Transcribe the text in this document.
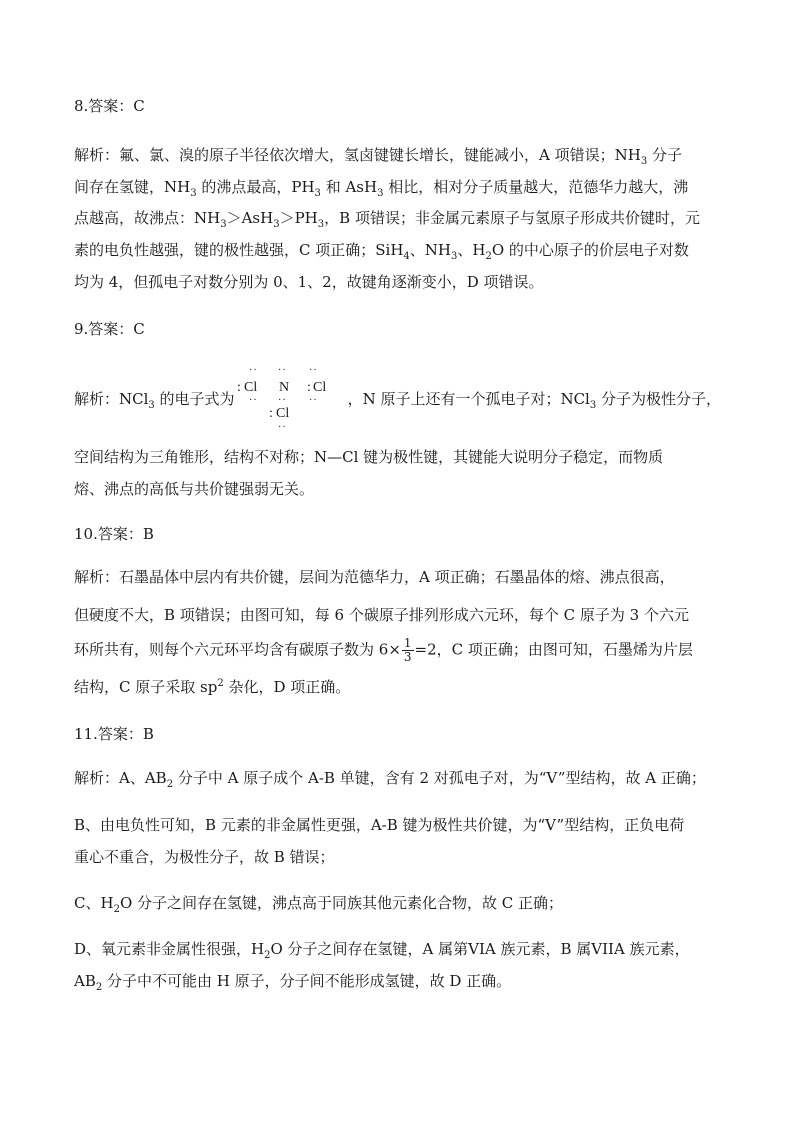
8.答案：C
解析：氟、氯、溴的原子半径依次增大，氢卤键键长增长，键能减小，A 项错误；$NH_3$ 分子
间存在氢键，$NH_3$ 的沸点最高，$PH_3$ 和 AsH$_3$ 相比，相对分子质量越大，范德华力越大，沸
点越高，故沸点：$NH_3>AsH_3>PH_3$，B 项错误；非金属元素原子与氢原子形成共价键时，元
素的电负性越强，键的极性越强，C 项正确；SiH$_4$、$NH_3$、$H_2O$ 的中心原子的价层电子对数
均为 4，但孤电子对数分别为 0、1、2，故键角逐渐变小，D 项错误。
9.答案：C
解析：NCl$_3$ 的电子式为	，N 原子上还有一个孤电子对；NCl$_3$ 分子为极性分子，
·· ·· ··
: Cl N : Cl
·· ·· ··
: Cl
··
空间结构为三角锥形，结构不对称；N—Cl 键为极性键，其键能大说明分子稳定，而物质
熔、沸点的高低与共价键强弱无关。
10.答案：B
解析：石墨晶体中层内有共价键，层间为范德华力，A 项正确；石墨晶体的熔、沸点很高，
但硬度不大，B 项错误；由图可知，每 6 个碳原子排列形成六元环，每个 C 原子为 3 个六元
环所共有，则每个六元环平均含有碳原子数为 $6\times \frac{1}{3} =2$，C 项正确；由图可知，石墨烯为片层
结构，C 原子采取 $sp^2$ 杂化，D 项正确。
11.答案：B
解析：A、$AB_2$ 分子中 A 原子成个 A-B 单键，含有 2 对孤电子对，为“V”型结构，故 A 正确；
B、由电负性可知，B 元素的非金属性更强，A-B 键为极性共价键，为“V”型结构，正负电荷
重心不重合，为极性分子，故 B 错误；
C、$H_2O$ 分子之间存在氢键，沸点高于同族其他元素化合物，故 C 正确；
D、氧元素非金属性很强，$H_2O$ 分子之间存在氢键，A 属第VIA 族元素，B 属VIIA 族元素，
$AB_2$ 分子中不可能由 H 原子，分子间不能形成氢键，故 D 正确。
